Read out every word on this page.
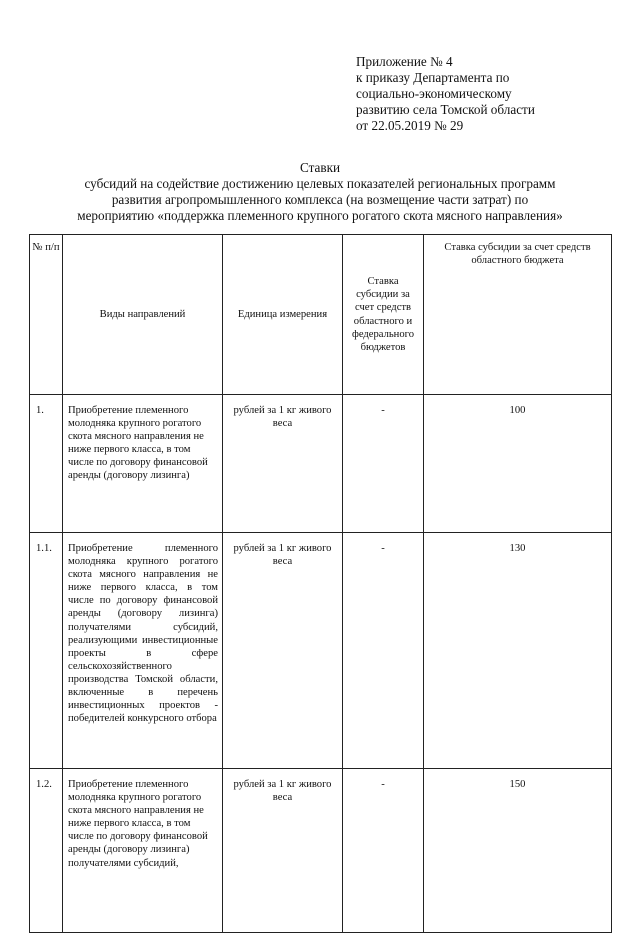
Приложение № 4
к приказу Департамента по
социально-экономическому
развитию села Томской области
от 22.05.2019 № 29
Ставки
субсидий на содействие достижению целевых показателей региональных программ
развития агропромышленного комплекса (на возмещение части затрат) по
мероприятию «поддержка племенного крупного рогатого скота мясного направления»
№ п/п	Виды направлений	Единица измерения	Ставка субсидии за счет средств областного и федерального бюджетов	Ставка субсидии за счет средств областного бюджета
1.	Приобретение племенного молодняка крупного рогатого скота мясного направления не ниже первого класса, в том числе по договору финансовой аренды (договору лизинга)	рублей за 1 кг живого веса	-	100
1.1.	Приобретение племенного молодняка крупного рогатого скота мясного направления не ниже первого класса, в том числе по договору финансовой аренды (договору лизинга) получателями субсидий, реализующими инвестиционные проекты в сфере сельскохозяйственного производства Томской области, включенные в перечень инвестиционных проектов - победителей конкурсного отбора	рублей за 1 кг живого веса	-	130
1.2.	Приобретение племенного молодняка крупного рогатого скота мясного направления не ниже первого класса, в том числе по договору финансовой аренды (договору лизинга) получателями субсидий,	рублей за 1 кг живого веса	-	150
